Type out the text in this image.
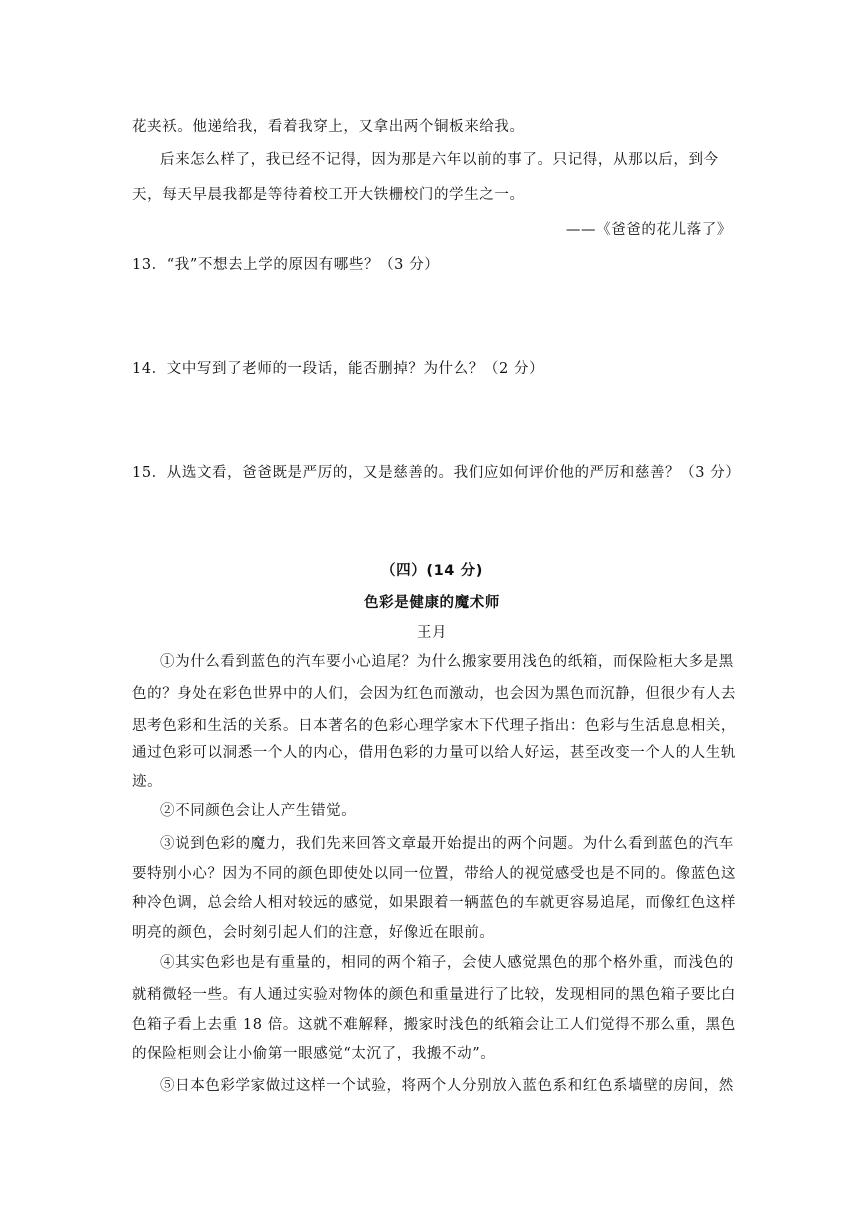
花夹袄。他递给我，看着我穿上，又拿出两个铜板来给我。
后来怎么样了，我已经不记得，因为那是六年以前的事了。只记得，从那以后，到今
天，每天早晨我都是等待着校工开大铁栅校门的学生之一。
——《爸爸的花儿落了》
13．“我”不想去上学的原因有哪些？（3 分）
14．文中写到了老师的一段话，能否删掉？为什么？（2 分）
15．从选文看，爸爸既是严厉的，又是慈善的。我们应如何评价他的严厉和慈善？（3 分）
（四）(14 分)
色彩是健康的魔术师
王月
①为什么看到蓝色的汽车要小心追尾？为什么搬家要用浅色的纸箱，而保险柜大多是黑
色的？身处在彩色世界中的人们，会因为红色而激动，也会因为黑色而沉静，但很少有人去
思考色彩和生活的关系。日本著名的色彩心理学家木下代理子指出：色彩与生活息息相关，
通过色彩可以洞悉一个人的内心，借用色彩的力量可以给人好运，甚至改变一个人的人生轨
迹。
②不同颜色会让人产生错觉。
③说到色彩的魔力，我们先来回答文章最开始提出的两个问题。为什么看到蓝色的汽车
要特别小心？因为不同的颜色即使处以同一位置，带给人的视觉感受也是不同的。像蓝色这
种冷色调，总会给人相对较远的感觉，如果跟着一辆蓝色的车就更容易追尾，而像红色这样
明亮的颜色，会时刻引起人们的注意，好像近在眼前。
④其实色彩也是有重量的，相同的两个箱子，会使人感觉黑色的那个格外重，而浅色的
就稍微轻一些。有人通过实验对物体的颜色和重量进行了比较，发现相同的黑色箱子要比白
色箱子看上去重 18 倍。这就不难解释，搬家时浅色的纸箱会让工人们觉得不那么重，黑色
的保险柜则会让小偷第一眼感觉“太沉了，我搬不动”。
⑤日本色彩学家做过这样一个试验，将两个人分别放入蓝色系和红色系墙壁的房间，然
